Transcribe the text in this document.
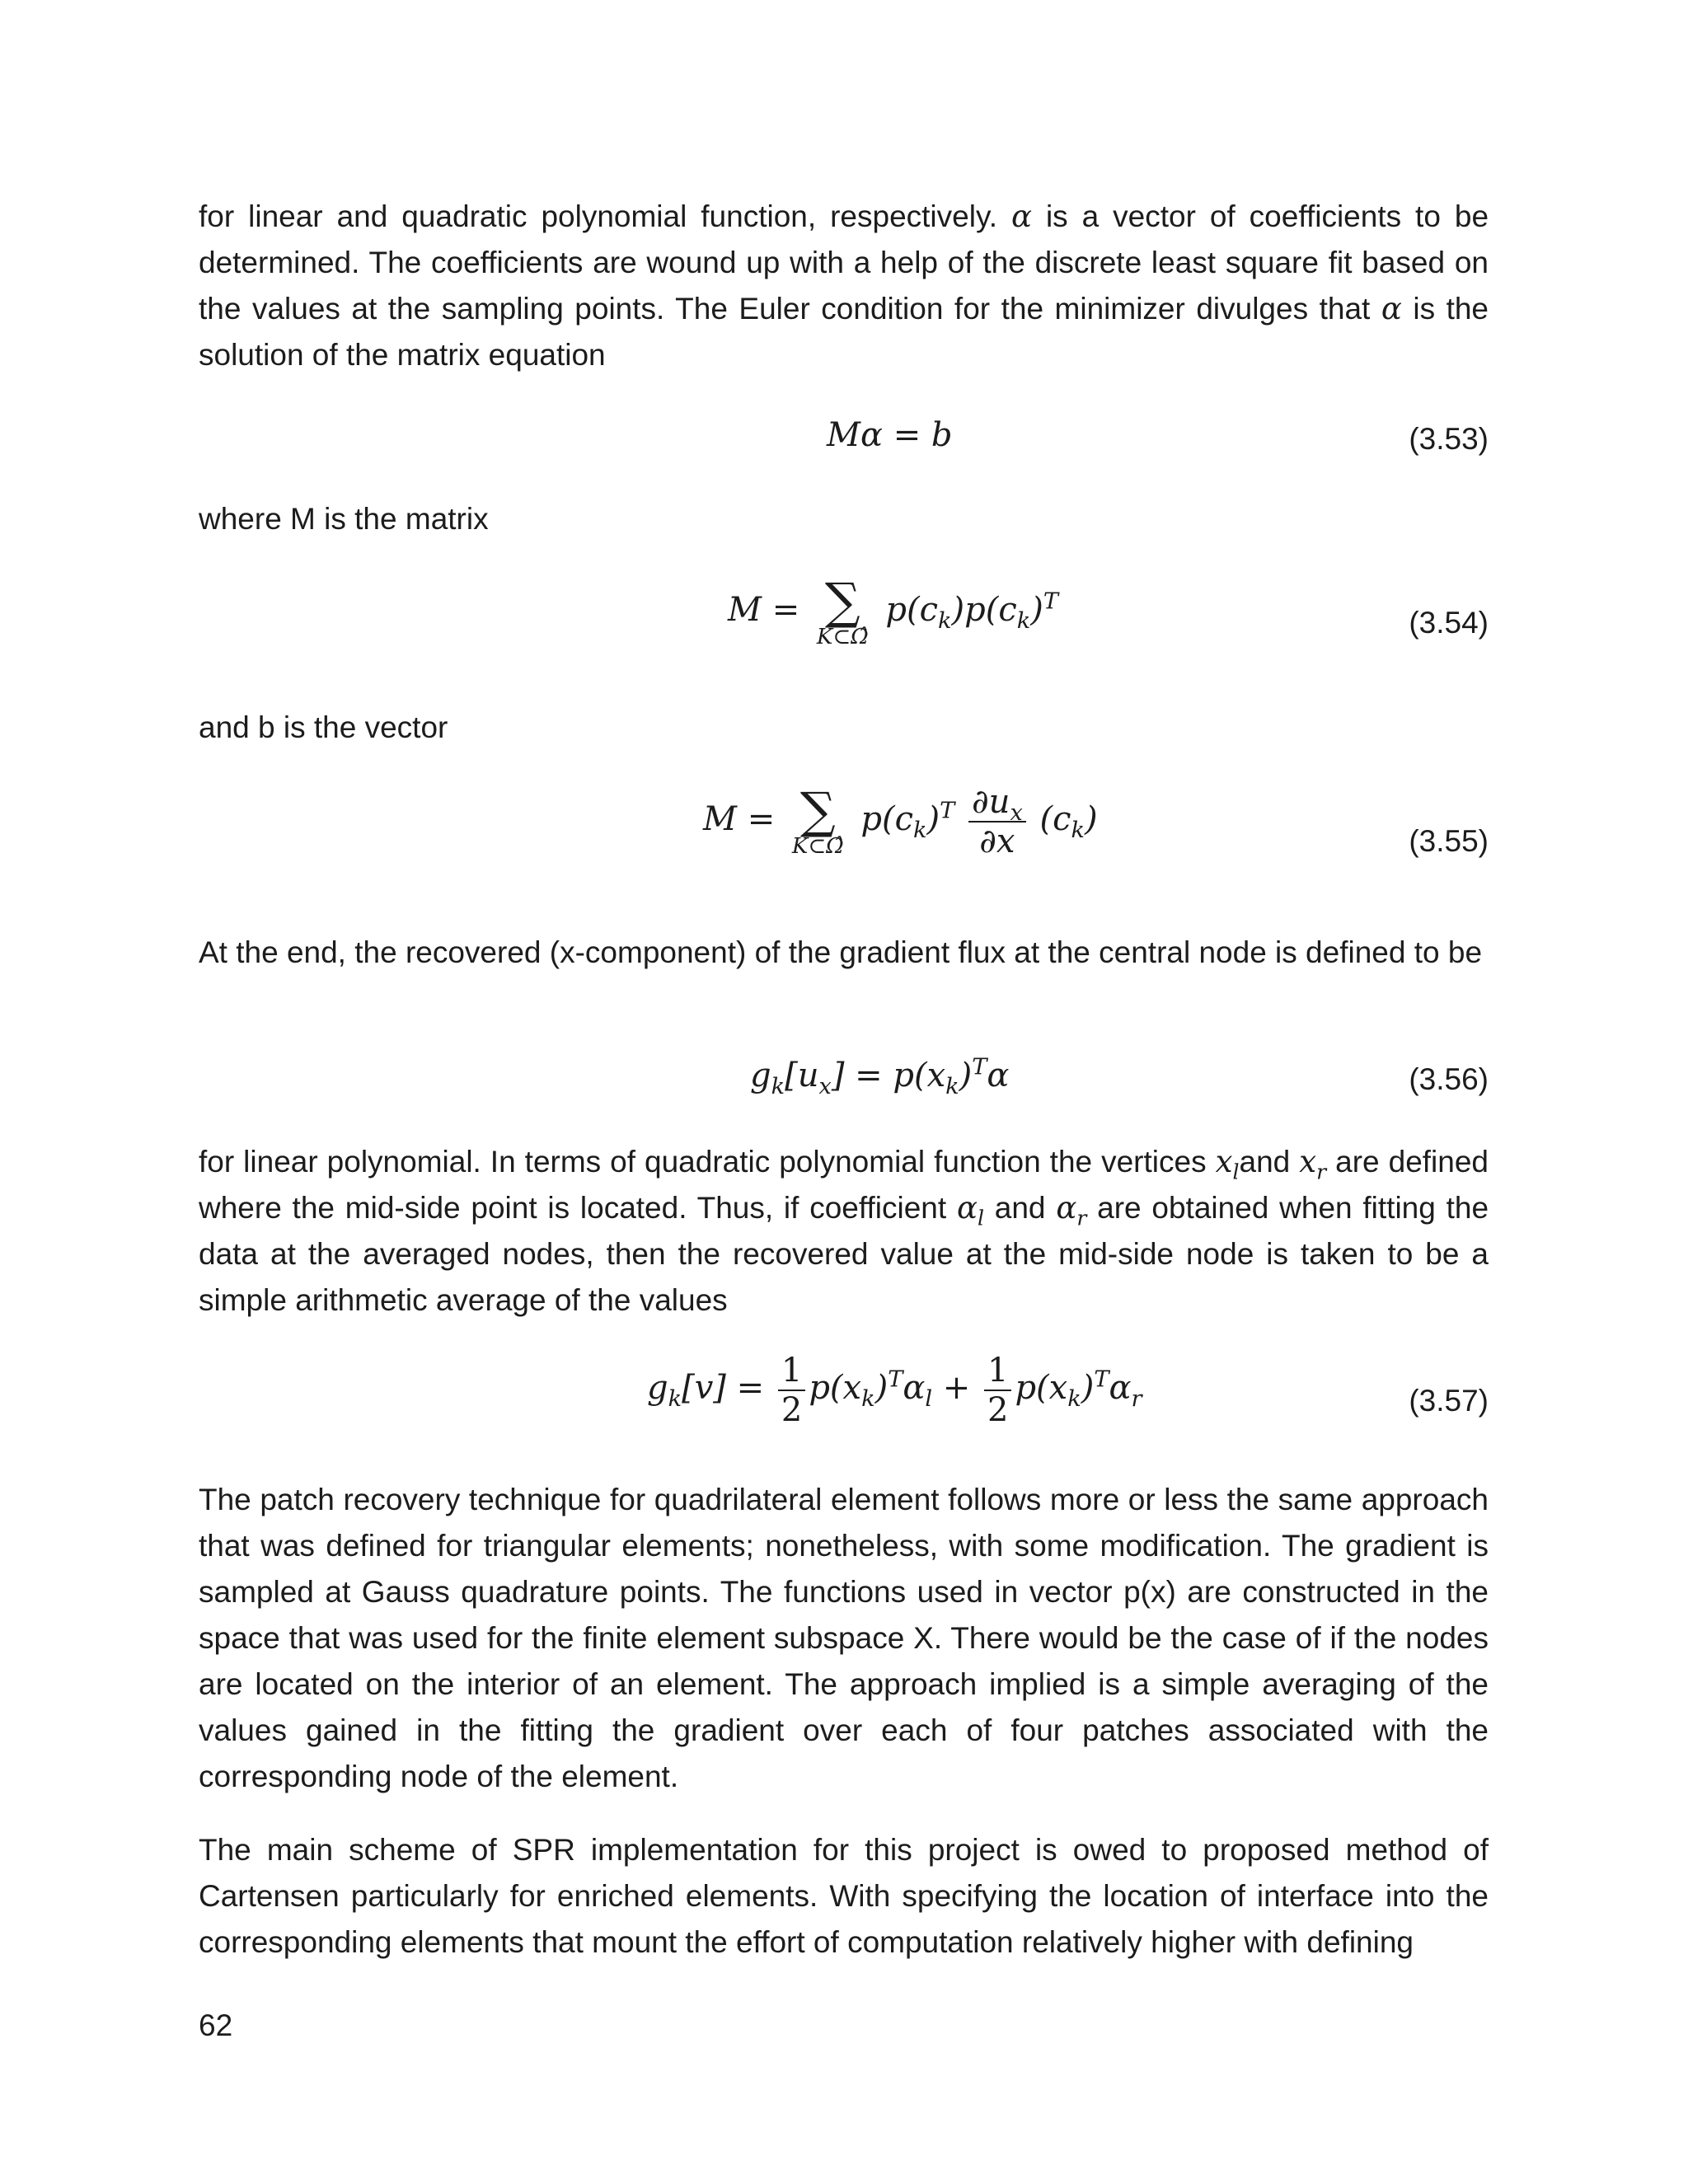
for linear and quadratic polynomial function, respectively. α is a vector of coefficients to be determined. The coefficients are wound up with a help of the discrete least square fit based on the values at the sampling points. The Euler condition for the minimizer divulges that α is the solution of the matrix equation
Mα = b	(3.53)
where M is the matrix
M = ∑
K⊂Ω̂
$p(c_k)p(c_k)^T$
(3.54)
and b is the vector
M = ∑
K⊂Ω̂
$p(c_k)^T \frac{\partial u_x}{\partial x} (c_k)$
(3.55)
At the end, the recovered (x-component) of the gradient flux at the central node is defined to be
$g_k[u_x] = p(x_k)^T\alpha$	(3.56)
for linear polynomial. In terms of quadratic polynomial function the vertices $x_land$ $x_r$ are defined where the mid-side point is located. Thus, if coefficient $\alpha_l$ and $\alpha_r$ are obtained when fitting the data at the averaged nodes, then the recovered value at the mid-side node is taken to be a simple arithmetic average of the values
$g_k[v] = \frac{1}{2} p(x_k)^T\alpha_l + \frac{1}{2} p(x_k)^T\alpha_r$	(3.57)
The patch recovery technique for quadrilateral element follows more or less the same approach that was defined for triangular elements; nonetheless, with some modification. The gradient is sampled at Gauss quadrature points. The functions used in vector p(x) are constructed in the space that was used for the finite element subspace X. There would be the case of if the nodes are located on the interior of an element. The approach implied is a simple averaging of the values gained in the fitting the gradient over each of four patches associated with the corresponding node of the element.
The main scheme of SPR implementation for this project is owed to proposed method of Cartensen particularly for enriched elements. With specifying the location of interface into the corresponding elements that mount the effort of computation relatively higher with defining
62
